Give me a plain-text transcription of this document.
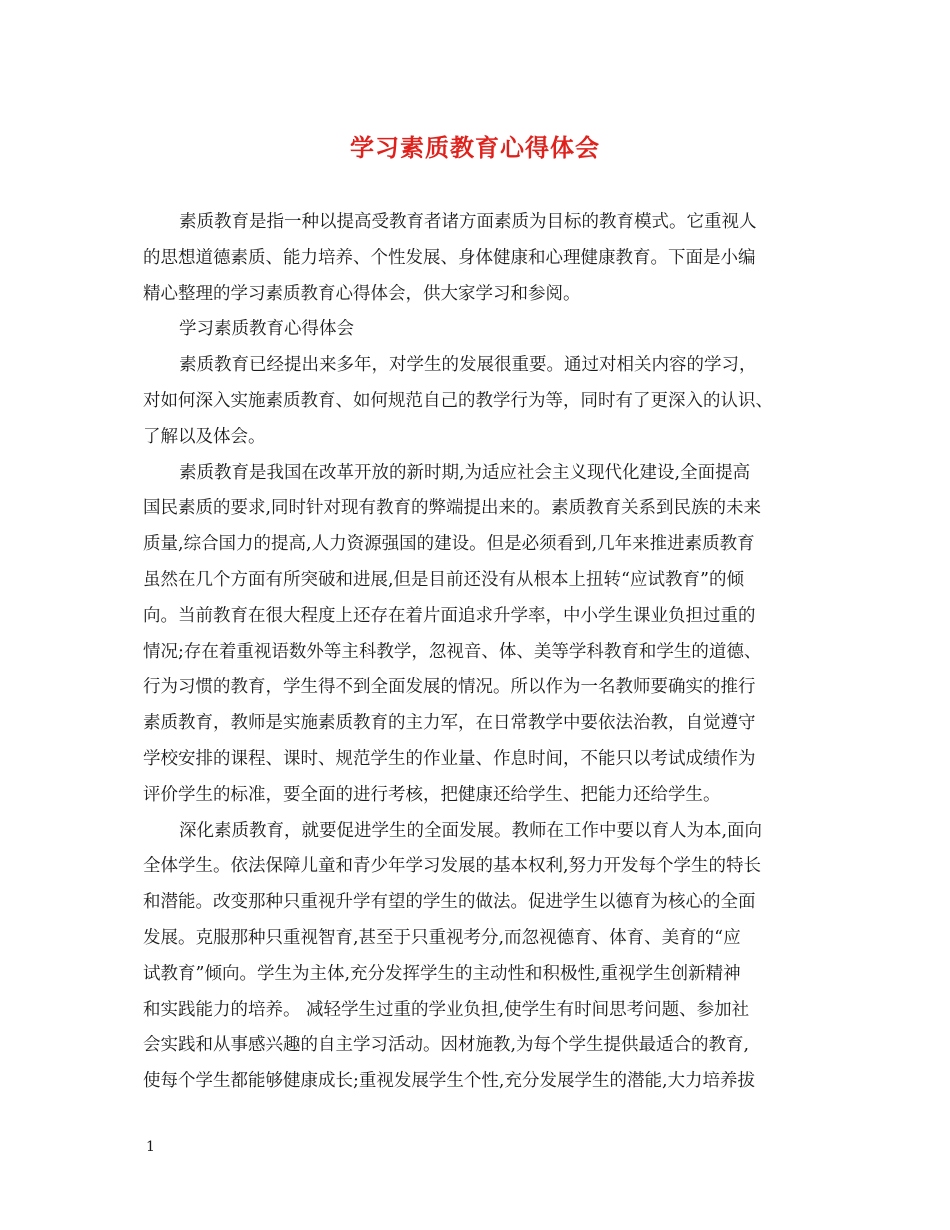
学习素质教育心得体会
素质教育是指一种以提高受教育者诸方面素质为目标的教育模式。它重视人
的思想道德素质、能力培养、个性发展、身体健康和心理健康教育。下面是小编
精心整理的学习素质教育心得体会，供大家学习和参阅。
学习素质教育心得体会
素质教育已经提出来多年，对学生的发展很重要。通过对相关内容的学习，
对如何深入实施素质教育、如何规范自己的教学行为等，同时有了更深入的认识、
了解以及体会。
素质教育是我国在改革开放的新时期,为适应社会主义现代化建设,全面提高
国民素质的要求,同时针对现有教育的弊端提出来的。素质教育关系到民族的未来
质量,综合国力的提高,人力资源强国的建设。但是必须看到,几年来推进素质教育
虽然在几个方面有所突破和进展,但是目前还没有从根本上扭转“应试教育”的倾
向。当前教育在很大程度上还存在着片面追求升学率，中小学生课业负担过重的
情况;存在着重视语数外等主科教学，忽视音、体、美等学科教育和学生的道德、
行为习惯的教育，学生得不到全面发展的情况。所以作为一名教师要确实的推行
素质教育，教师是实施素质教育的主力军，在日常教学中要依法治教，自觉遵守
学校安排的课程、课时、规范学生的作业量、作息时间，不能只以考试成绩作为
评价学生的标准，要全面的进行考核，把健康还给学生、把能力还给学生。
深化素质教育，就要促进学生的全面发展。教师在工作中要以育人为本,面向
全体学生。依法保障儿童和青少年学习发展的基本权利,努力开发每个学生的特长
和潜能。改变那种只重视升学有望的学生的做法。促进学生以德育为核心的全面
发展。克服那种只重视智育,甚至于只重视考分,而忽视德育、体育、美育的“应
试教育”倾向。学生为主体,充分发挥学生的主动性和积极性,重视学生创新精神
和实践能力的培养。 减轻学生过重的学业负担,使学生有时间思考问题、参加社
会实践和从事感兴趣的自主学习活动。因材施教,为每个学生提供最适合的教育,
使每个学生都能够健康成长;重视发展学生个性,充分发展学生的潜能,大力培养拔
1
